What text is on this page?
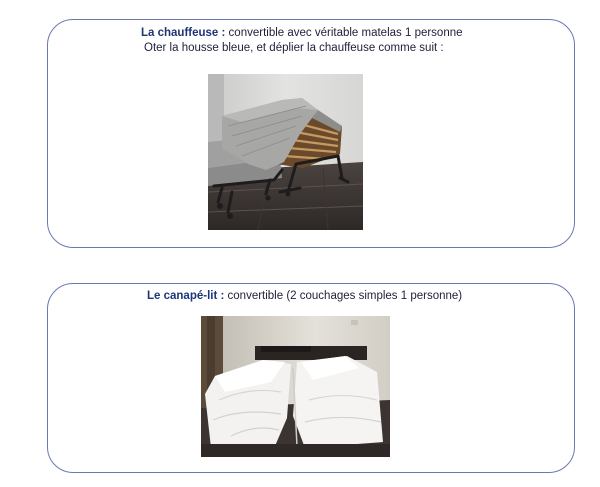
La chauffeuse : convertible avec véritable matelas 1 personne
Oter la housse bleue, et déplier la chauffeuse comme suit :
Le canapé-lit : convertible (2 couchages simples 1 personne)
